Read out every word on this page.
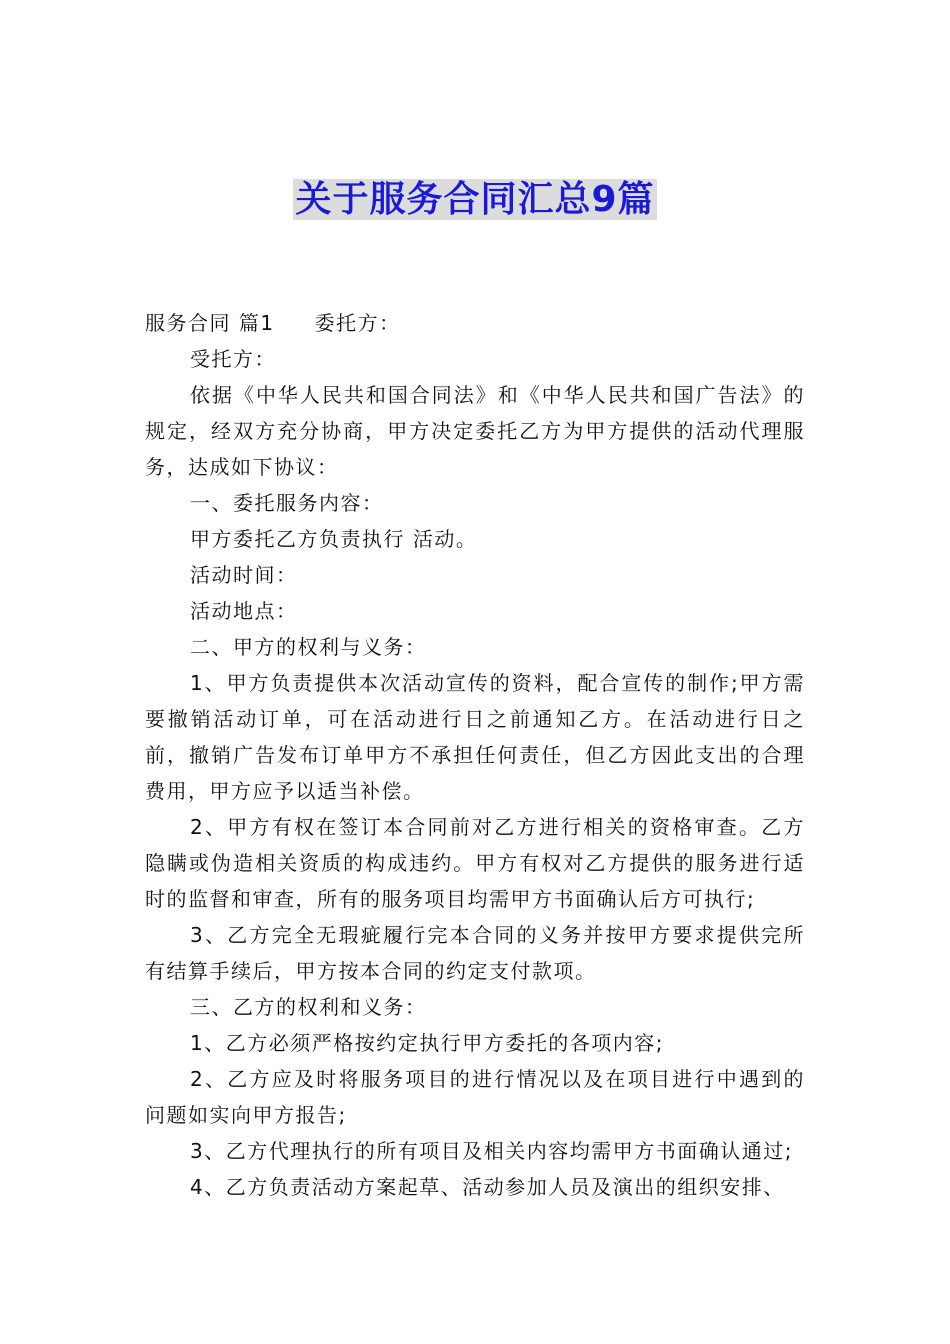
关于服务合同汇总9篇

服务合同 篇1 委托方：

受托方：

依据《中华人民共和国合同法》和《中华人民共和国广告法》的规定，经双方充分协商，甲方决定委托乙方为甲方提供的活动代理服务，达成如下协议：

一、委托服务内容：

甲方委托乙方负责执行 活动。

活动时间：

活动地点：

二、甲方的权利与义务：

1、甲方负责提供本次活动宣传的资料，配合宣传的制作;甲方需要撤销活动订单，可在活动进行日之前通知乙方。在活动进行日之前，撤销广告发布订单甲方不承担任何责任，但乙方因此支出的合理费用，甲方应予以适当补偿。

2、甲方有权在签订本合同前对乙方进行相关的资格审查。乙方隐瞒或伪造相关资质的构成违约。甲方有权对乙方提供的服务进行适时的监督和审查，所有的服务项目均需甲方书面确认后方可执行;

3、乙方完全无瑕疵履行完本合同的义务并按甲方要求提供完所有结算手续后，甲方按本合同的约定支付款项。

三、乙方的权利和义务：

1、乙方必须严格按约定执行甲方委托的各项内容;

2、乙方应及时将服务项目的进行情况以及在项目进行中遇到的问题如实向甲方报告;

3、乙方代理执行的所有项目及相关内容均需甲方书面确认通过;

4、乙方负责活动方案起草、活动参加人员及演出的组织安排、
